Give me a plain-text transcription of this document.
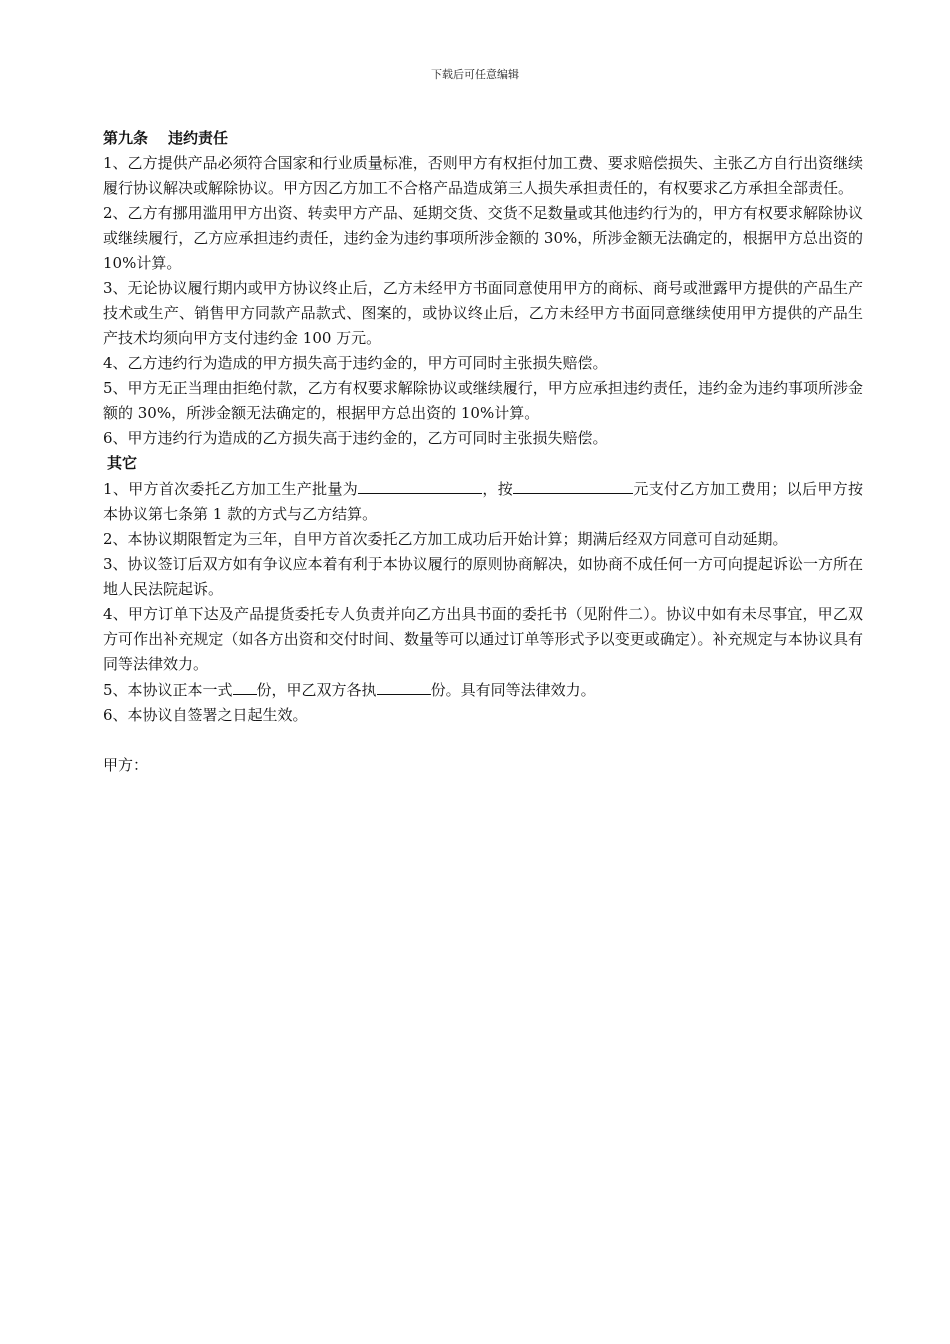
下载后可任意编辑

第九条 违约责任

1、乙方提供产品必须符合国家和行业质量标准，否则甲方有权拒付加工费、要求赔偿损失、主张乙方自行出资继续履行协议解决或解除协议。甲方因乙方加工不合格产品造成第三人损失承担责任的，有权要求乙方承担全部责任。

2、乙方有挪用滥用甲方出资、转卖甲方产品、延期交货、交货不足数量或其他违约行为的，甲方有权要求解除协议或继续履行，乙方应承担违约责任，违约金为违约事项所涉金额的 30%，所涉金额无法确定的，根据甲方总出资的 10%计算。

3、无论协议履行期内或甲方协议终止后，乙方未经甲方书面同意使用甲方的商标、商号或泄露甲方提供的产品生产技术或生产、销售甲方同款产品款式、图案的，或协议终止后，乙方未经甲方书面同意继续使用甲方提供的产品生产技术均须向甲方支付违约金 100 万元。

4、乙方违约行为造成的甲方损失高于违约金的，甲方可同时主张损失赔偿。

5、甲方无正当理由拒绝付款，乙方有权要求解除协议或继续履行，甲方应承担违约责任，违约金为违约事项所涉金额的 30%，所涉金额无法确定的，根据甲方总出资的 10%计算。

6、甲方违约行为造成的乙方损失高于违约金的，乙方可同时主张损失赔偿。

其它

1、甲方首次委托乙方加工生产批量为	，按	元支付乙方加工费用；以后甲方按本协议第七条第 1 款的方式与乙方结算。

2、本协议期限暂定为三年，自甲方首次委托乙方加工成功后开始计算；期满后经双方同意可自动延期。

3、协议签订后双方如有争议应本着有利于本协议履行的原则协商解决，如协商不成任何一方可向提起诉讼一方所在地人民法院起诉。

4、甲方订单下达及产品提货委托专人负责并向乙方出具书面的委托书（见附件二）。协议中如有未尽事宜，甲乙双方可作出补充规定（如各方出资和交付时间、数量等可以通过订单等形式予以变更或确定）。补充规定与本协议具有同等法律效力。

5、本协议正本一式 份，甲乙双方各执	份。具有同等法律效力。

6、本协议自签署之日起生效。

甲方：
